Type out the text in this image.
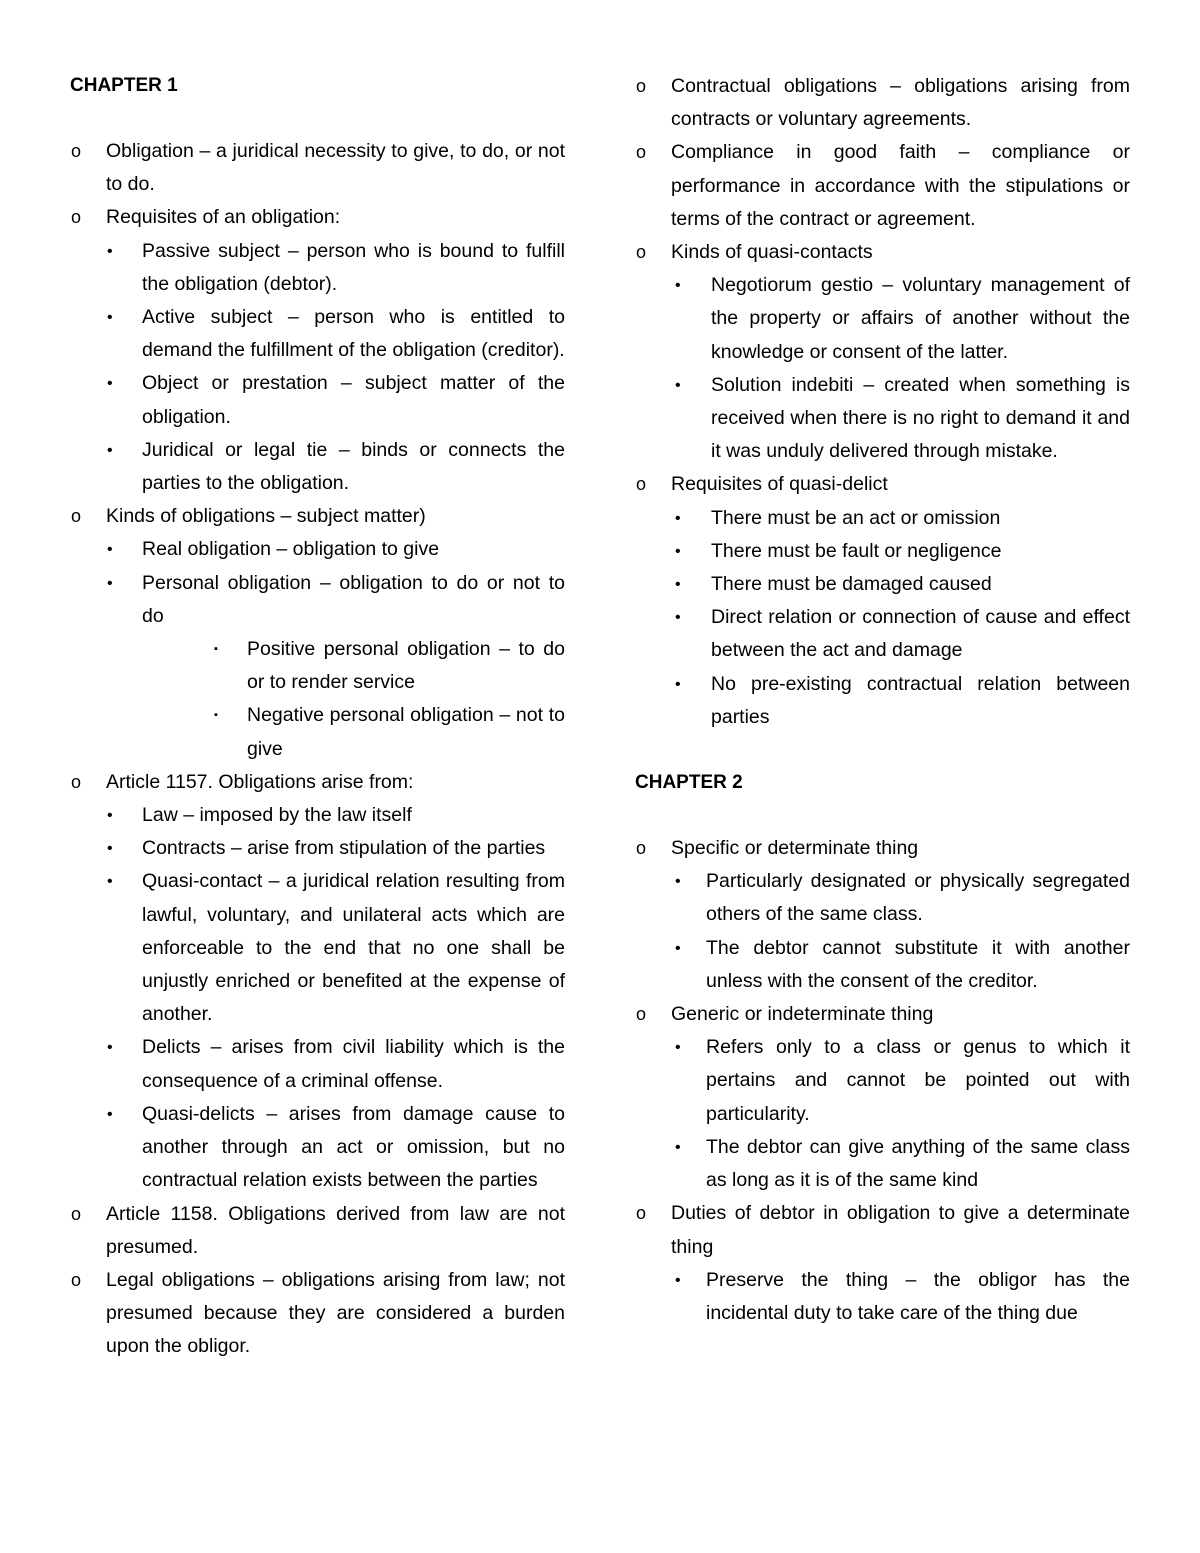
CHAPTER 1

o Obligation – a juridical necessity to give, to do, or not to do.
o Requisites of an obligation:
• Passive subject – person who is bound to fulfill the obligation (debtor).
• Active subject – person who is entitled to demand the fulfillment of the obligation (creditor).
• Object or prestation – subject matter of the obligation.
• Juridical or legal tie – binds or connects the parties to the obligation.
o Kinds of obligations – subject matter)
• Real obligation – obligation to give
• Personal obligation – obligation to do or not to do
▪ Positive personal obligation – to do or to render service
▪ Negative personal obligation – not to give
o Article 1157. Obligations arise from:
• Law – imposed by the law itself
• Contracts – arise from stipulation of the parties
• Quasi-contact – a juridical relation resulting from lawful, voluntary, and unilateral acts which are enforceable to the end that no one shall be unjustly enriched or benefited at the expense of another.
• Delicts – arises from civil liability which is the consequence of a criminal offense.
• Quasi-delicts – arises from damage cause to another through an act or omission, but no contractual relation exists between the parties
o Article 1158. Obligations derived from law are not presumed.
o Legal obligations – obligations arising from law; not presumed because they are considered a burden upon the obligor.
o Contractual obligations – obligations arising from contracts or voluntary agreements.
o Compliance in good faith – compliance or performance in accordance with the stipulations or terms of the contract or agreement.
o Kinds of quasi-contacts
• Negotiorum gestio – voluntary management of the property or affairs of another without the knowledge or consent of the latter.
• Solution indebiti – created when something is received when there is no right to demand it and it was unduly delivered through mistake.
o Requisites of quasi-delict
• There must be an act or omission
• There must be fault or negligence
• There must be damaged caused
• Direct relation or connection of cause and effect between the act and damage
• No pre-existing contractual relation between parties

CHAPTER 2

o Specific or determinate thing
• Particularly designated or physically segregated others of the same class.
• The debtor cannot substitute it with another unless with the consent of the creditor.
o Generic or indeterminate thing
• Refers only to a class or genus to which it pertains and cannot be pointed out with particularity.
• The debtor can give anything of the same class as long as it is of the same kind
o Duties of debtor in obligation to give a determinate thing
• Preserve the thing – the obligor has the incidental duty to take care of the thing due
